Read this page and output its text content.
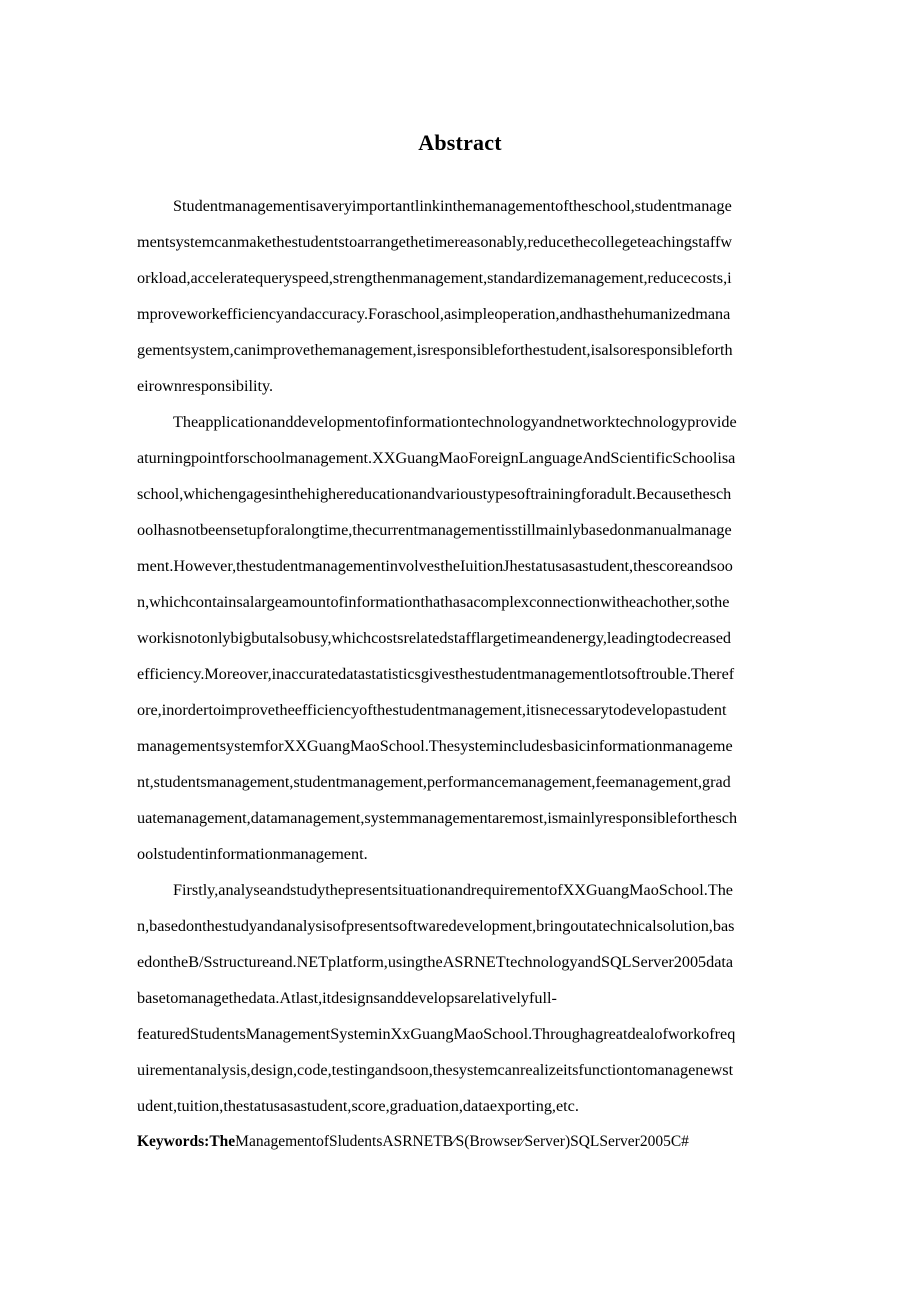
Abstract
Studentmanagementisaveryimportantlinkinthemanagementoftheschool,studentmanage
mentsystemcanmakethestudentstoarrangethetimereasonably,reducethecollegeteachingstaffw
orkload,acceleratequeryspeed,strengthenmanagement,standardizemanagement,reducecosts,i
mproveworkefficiencyandaccuracy.Foraschool,asimpleoperation,andhasthehumanizedmana
gementsystem,canimprovethemanagement,isresponsibleforthestudent,isalsoresponsibleforth
eirownresponsibility.
Theapplicationanddevelopmentofinformationtechnologyandnetworktechnologyprovide
aturningpointforschoolmanagement.XXGuangMaoForeignLanguageAndScientificSchoolisa
school,whichengagesinthehighereducationandvarioustypesoftrainingforadult.Becausethesch
oolhasnotbeensetupforalongtime,thecurrentmanagementisstillmainlybasedonmanualmanage
ment.However,thestudentmanagementinvolvestheIuitionJhestatusasastudent,thescoreandsoo
n,whichcontainsalargeamountofinformationthathasacomplexconnectionwitheachother,sothe
workisnotonlybigbutalsobusy,whichcostsrelatedstafflargetimeandenergy,leadingtodecreased
efficiency.Moreover,inaccuratedatastatisticsgivesthestudentmanagementlotsoftrouble.Theref
ore,inordertoimprovetheefficiencyofthestudentmanagement,itisnecessarytodevelopastudent
managementsystemforXXGuangMaoSchool.Thesystemincludesbasicinformationmanageme
nt,studentsmanagement,studentmanagement,performancemanagement,feemanagement,grad
uatemanagement,datamanagement,systemmanagementaremost,ismainlyresponsibleforthesch
oolstudentinformationmanagement.
Firstly,analyseandstudythepresentsituationandrequirementofXXGuangMaoSchool.The
n,basedonthestudyandanalysisofpresentsoftwaredevelopment,bringoutatechnicalsolution,bas
edontheB/Sstructureand.NETplatform,usingtheASRNETtechnologyandSQLServer2005data
basetomanagethedata.Atlast,itdesignsanddevelopsarelativelyfull-
featuredStudentsManagementSysteminXxGuangMaoSchool.Throughagreatdealofworkofreq
uirementanalysis,design,code,testingandsoon,thesystemcanrealizeitsfunctiontomanagenewst
udent,tuition,thestatusasastudent,score,graduation,dataexporting,etc.
Keywords:TheManagementofSludentsASRNETB⁄S(Browser⁄Server)SQLServer2005C#
